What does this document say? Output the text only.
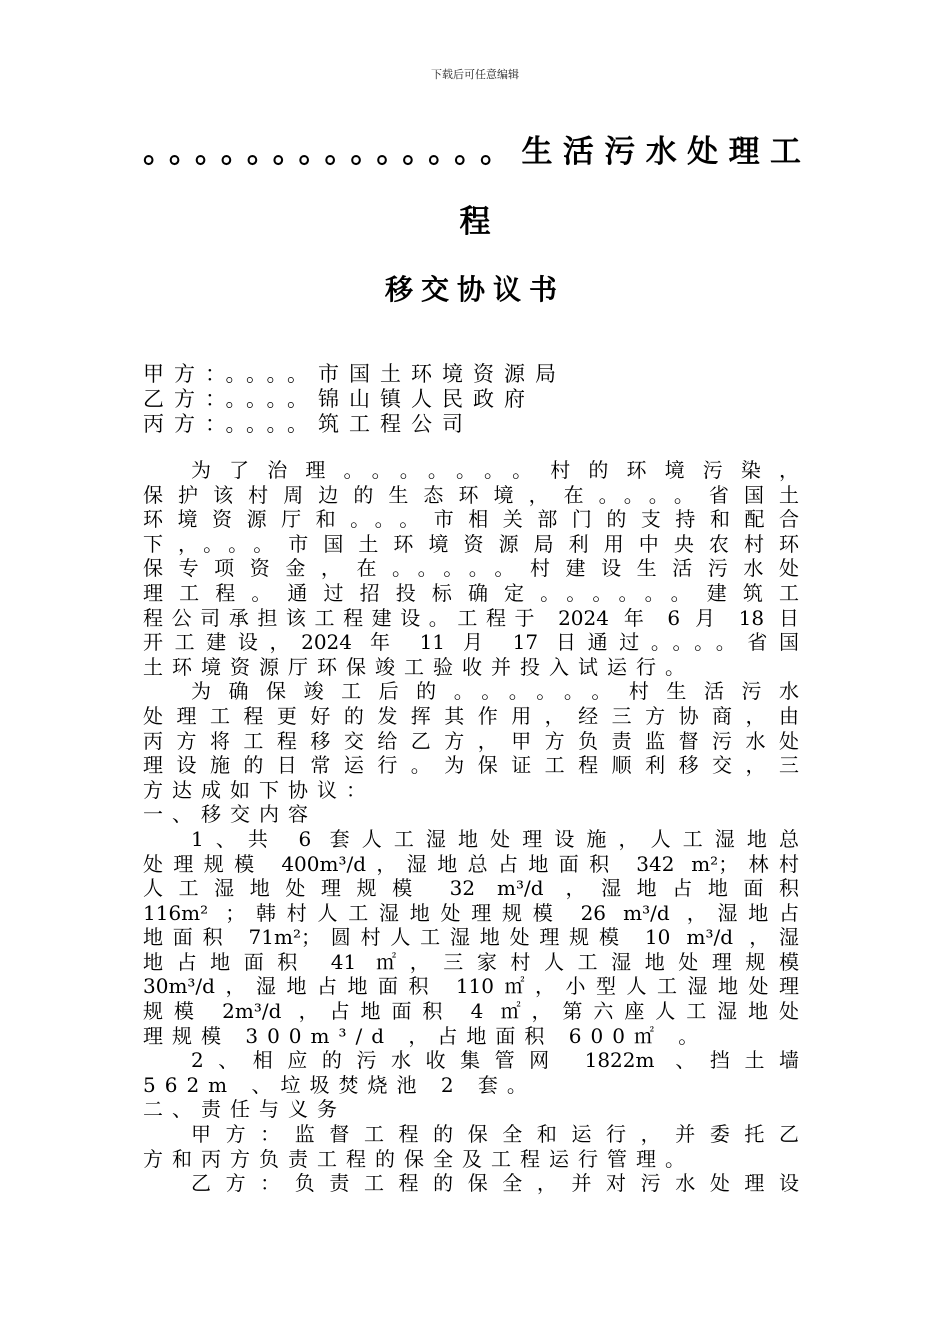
下载后可任意编辑
。。。。。。。。。。。。。。生活污水处理工
程
移交协议书
甲方：。。。。市国土环境资源局
乙方：。。。。锦山镇人民政府
丙方：。。。。筑工程公司
为了治理。。。。。。。村的环境污染，
保护该村周边的生态环境，在。。。。省国土
环境资源厅和。。。市相关部门的支持和配合
下，。。。市国土环境资源局利用中央农村环
保专项资金，在。。。。。村建设生活污水处
理工程。通过招投标确定。。。。。。建筑工
程公司承担该工程建设。工程于 2024 年 6 月 18 日
开工建设，2024 年 11 月 17 日通过。。。。省国
土环境资源厅环保竣工验收并投入试运行。
为确保竣工后的。。。。。。村生活污水
处理工程更好的发挥其作用，经三方协商，由
丙方将工程移交给乙方，甲方负责监督污水处
理设施的日常运行。为保证工程顺利移交，三
方达成如下协议：
一、移交内容
1、共 6 套人工湿地处理设施，人工湿地总
处理规模 400m³/d，湿地总占地面积 342 m²；林村
人工湿地处理规模 32 m³/d ，湿地占地面积
116m² ；韩村人工湿地处理规模 26 m³/d ，湿地占
地面积 71m²；圆村人工湿地处理规模 10 m³/d ，湿
地占地面积 41 ㎡，三家村人工湿地处理规模
30m³/d，湿地占地面积 110㎡，小型人工湿地处理
规模 2m³/d ，占地面积 4 ㎡，第六座人工湿地处
理规模 300m³/d ，占地面积 600㎡ 。
2、相应的污水收集管网 1822m 、挡土墙
562m 、垃圾焚烧池 2 套。
二、责任与义务
甲方：监督工程的保全和运行，并委托乙
方和丙方负责工程的保全及工程运行管理。
乙方：负责工程的保全，并对污水处理设
